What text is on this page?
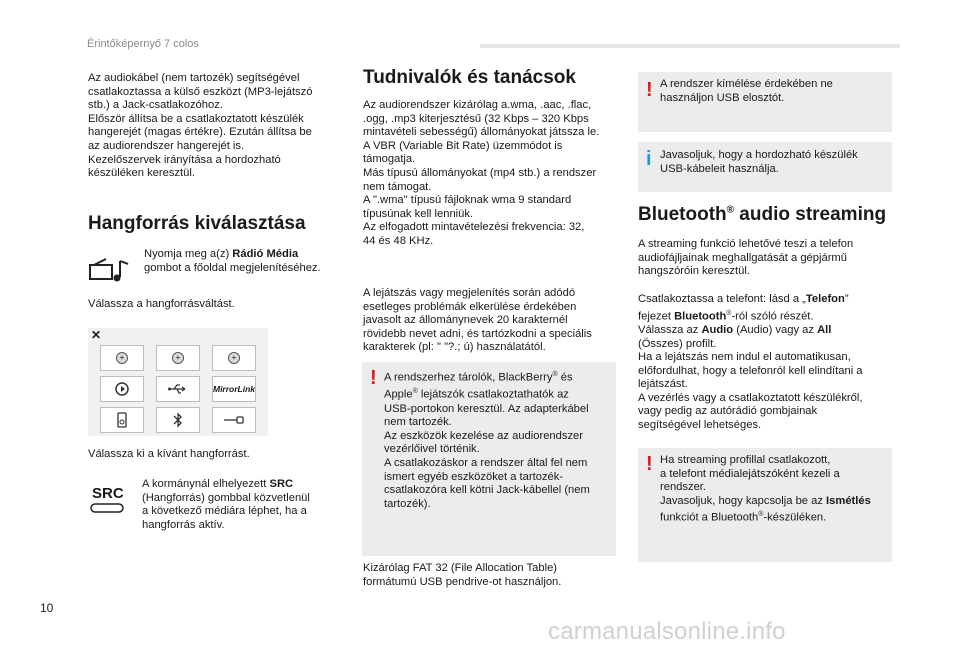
Érintőképernyő 7 colos
Az audiokábel (nem tartozék) segítségével
csatlakoztassa a külső eszközt (MP3-lejátszó
stb.) a Jack-csatlakozóhoz.
Először állítsa be a csatlakoztatott készülék
hangerejét (magas értékre). Ezután állítsa be
az audiorendszer hangerejét is.
Kezelőszervek irányítása a hordozható
készüléken keresztül.
Hangforrás kiválasztása
Nyomja meg a(z) Rádió Média
gombot a főoldal megjelenítéséhez.
Válassza a hangforrásváltást.
✕
+	+	+
MirrorLink
Válassza ki a kívánt hangforrást.
SRC
A kormánynál elhelyezett SRC
(Hangforrás) gombbal közvetlenül
a következő médiára léphet, ha a
hangforrás aktív.
Tudnivalók és tanácsok
Az audiorendszer kizárólag a.wma, .aac, .flac,
.ogg, .mp3 kiterjesztésű (32 Kbps – 320 Kbps
mintavételi sebességű) állományokat játssza le.
A VBR (Variable Bit Rate) üzemmódot is
támogatja.
Más típusú állományokat (mp4 stb.) a rendszer
nem támogat.
A ".wma" típusú fájloknak wma 9 standard
típusúnak kell lenniük.
Az elfogadott mintavételezési frekvencia: 32,
44 és 48 KHz.
A lejátszás vagy megjelenítés során adódó
esetleges problémák elkerülése érdekében
javasolt az állománynevek 20 karakternél
rövidebb nevet adni, és tartózkodni a speciális
karakterek (pl: " "?.; ú) használatától.
! A rendszerhez tárolók, BlackBerry® és
Apple® lejátszók csatlakoztathatók az
USB-portokon keresztül. Az adapterkábel
nem tartozék.
Az eszközök kezelése az audiorendszer
vezérlőivel történik.
A csatlakozáskor a rendszer által fel nem
ismert egyéb eszközöket a tartozék-
csatlakozóra kell kötni Jack-kábellel (nem
tartozék).
Kizárólag FAT 32 (File Allocation Table)
formátumú USB pendrive-ot használjon.
! A rendszer kímélése érdekében ne
használjon USB elosztót.
i Javasoljuk, hogy a hordozható készülék
USB-kábeleit használja.
Bluetooth® audio streaming
A streaming funkció lehetővé teszi a telefon
audiofájljainak meghallgatását a gépjármű
hangszóróin keresztül.
Csatlakoztassa a telefont: lásd a „Telefon”
fejezet Bluetooth®-ról szóló részét.
Válassza az Audio (Audio) vagy az All
(Összes) profilt.
Ha a lejátszás nem indul el automatikusan,
előfordulhat, hogy a telefonról kell elindítani a
lejátszást.
A vezérlés vagy a csatlakoztatott készülékről,
vagy pedig az autórádió gombjainak
segítségével lehetséges.
! Ha streaming profillal csatlakozott,
a telefont médialejátszóként kezeli a
rendszer.
Javasoljuk, hogy kapcsolja be az Ismétlés
funkciót a Bluetooth®-készüléken.
10
carmanualsonline.info
